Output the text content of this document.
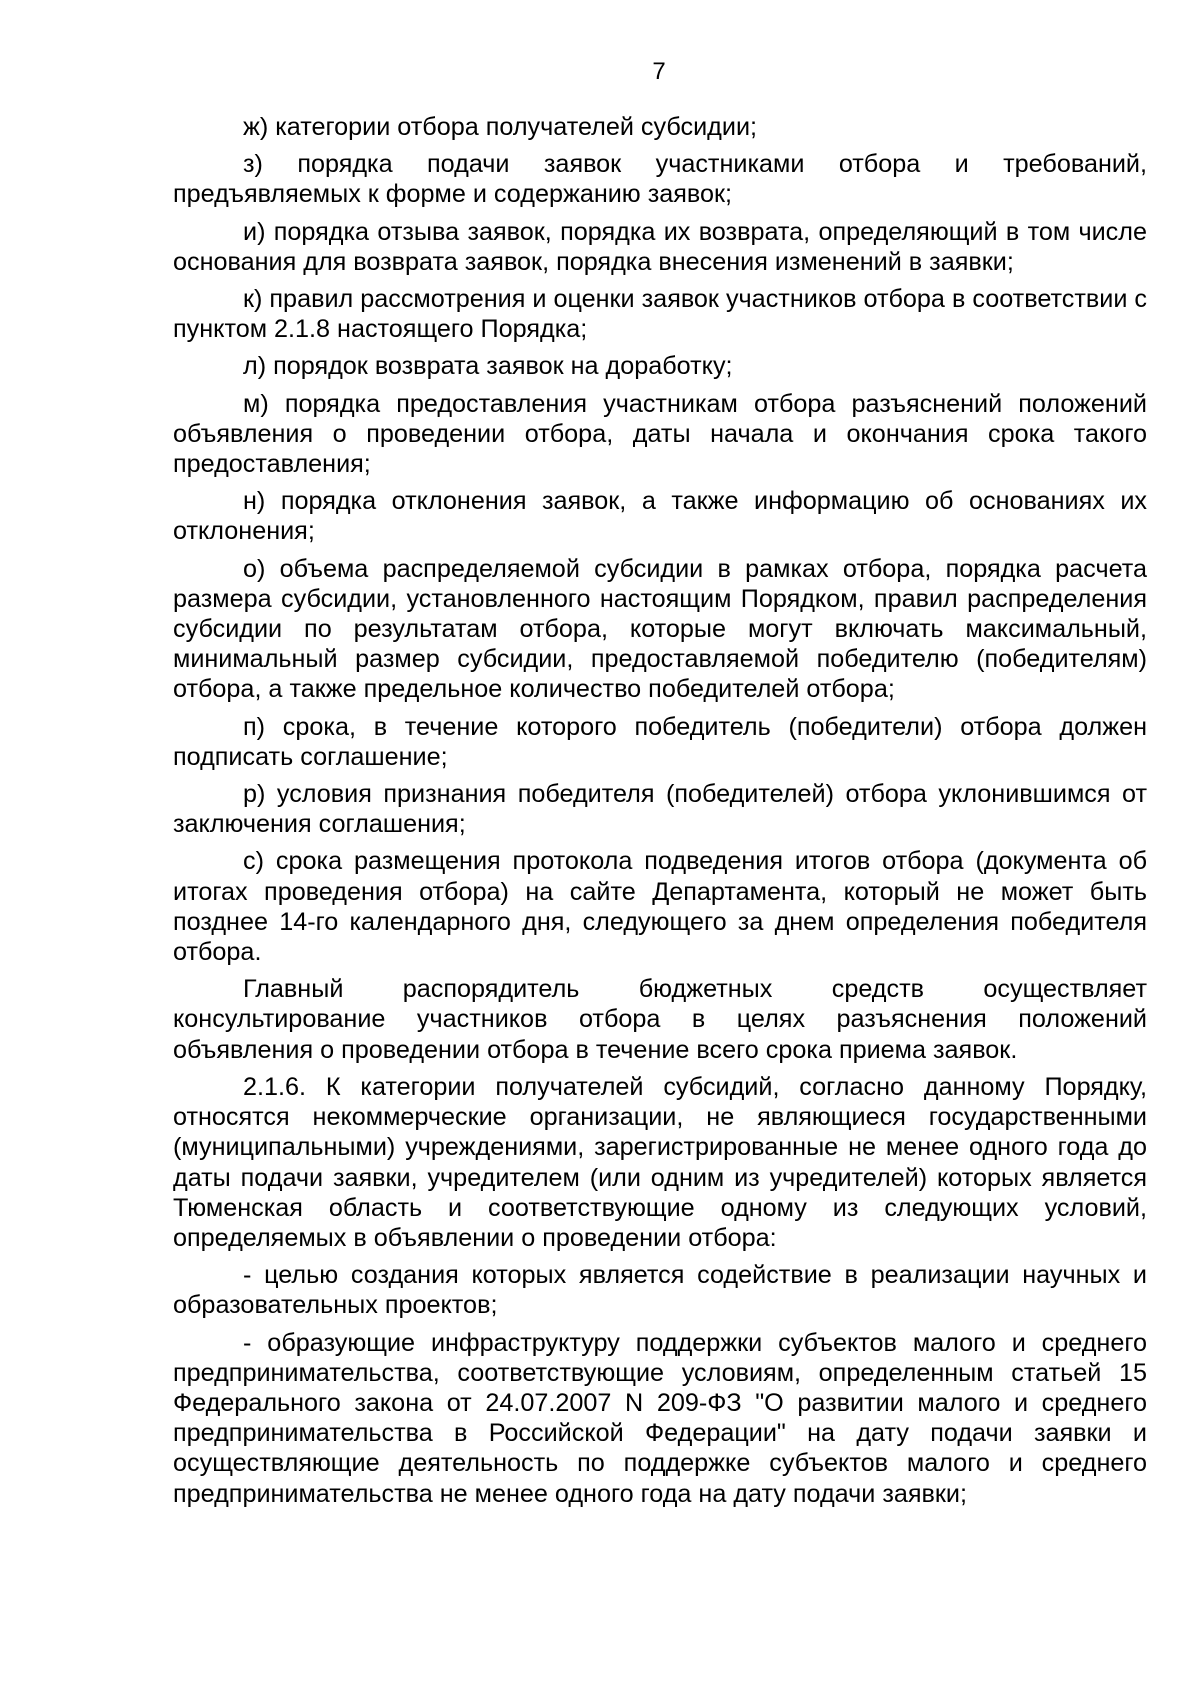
7

ж) категории отбора получателей субсидии;

з) порядка подачи заявок участниками отбора и требований, предъявляемых к форме и содержанию заявок;

и) порядка отзыва заявок, порядка их возврата, определяющий в том числе основания для возврата заявок, порядка внесения изменений в заявки;

к) правил рассмотрения и оценки заявок участников отбора в соответствии с пунктом 2.1.8 настоящего Порядка;

л) порядок возврата заявок на доработку;

м) порядка предоставления участникам отбора разъяснений положений объявления о проведении отбора, даты начала и окончания срока такого предоставления;

н) порядка отклонения заявок, а также информацию об основаниях их отклонения;

о) объема распределяемой субсидии в рамках отбора, порядка расчета размера субсидии, установленного настоящим Порядком, правил распределения субсидии по результатам отбора, которые могут включать максимальный, минимальный размер субсидии, предоставляемой победителю (победителям) отбора, а также предельное количество победителей отбора;

п) срока, в течение которого победитель (победители) отбора должен подписать соглашение;

р) условия признания победителя (победителей) отбора уклонившимся от заключения соглашения;

с) срока размещения протокола подведения итогов отбора (документа об итогах проведения отбора) на сайте Департамента, который не может быть позднее 14-го календарного дня, следующего за днем определения победителя отбора.

Главный распорядитель бюджетных средств осуществляет консультирование участников отбора в целях разъяснения положений объявления о проведении отбора в течение всего срока приема заявок.

2.1.6. К категории получателей субсидий, согласно данному Порядку, относятся некоммерческие организации, не являющиеся государственными (муниципальными) учреждениями, зарегистрированные не менее одного года до даты подачи заявки, учредителем (или одним из учредителей) которых является Тюменская область и соответствующие одному из следующих условий, определяемых в объявлении о проведении отбора:

- целью создания которых является содействие в реализации научных и образовательных проектов;

- образующие инфраструктуру поддержки субъектов малого и среднего предпринимательства, соответствующие условиям, определенным статьей 15 Федерального закона от 24.07.2007 N 209-ФЗ "О развитии малого и среднего предпринимательства в Российской Федерации" на дату подачи заявки и осуществляющие деятельность по поддержке субъектов малого и среднего предпринимательства не менее одного года на дату подачи заявки;
